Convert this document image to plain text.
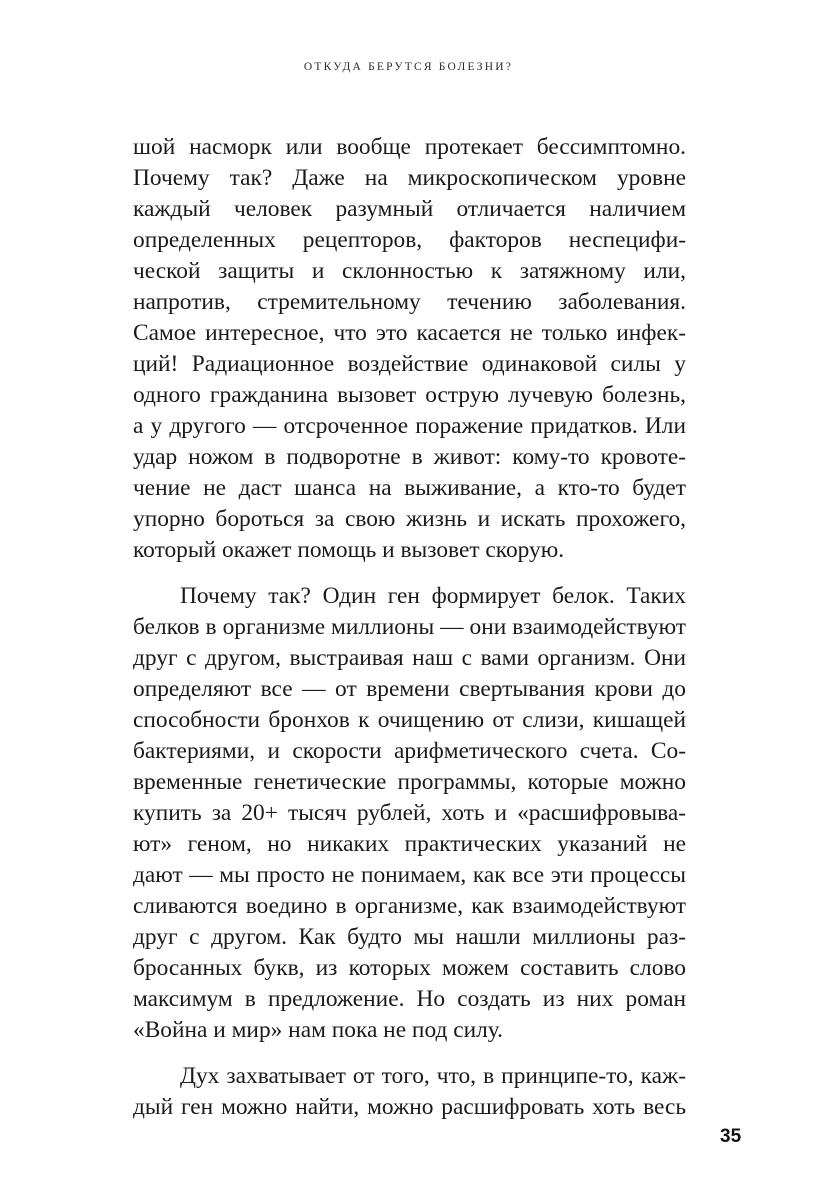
ОТКУДА БЕРУТСЯ БОЛЕЗНИ?
шой насморк или вообще протекает бессимптомно.
Почему так? Даже на микроскопическом уровне
каждый человек разумный отличается наличием
определенных рецепторов, факторов неспецифи-
ческой защиты и склонностью к затяжному или,
напротив, стремительному течению заболевания.
Самое интересное, что это касается не только инфек-
ций! Радиационное воздействие одинаковой силы у
одного гражданина вызовет острую лучевую болезнь,
а у другого — отсроченное поражение придатков. Или
удар ножом в подворотне в живот: кому-то кровоте-
чение не даст шанса на выживание, а кто-то будет
упорно бороться за свою жизнь и искать прохожего,
который окажет помощь и вызовет скорую.
Почему так? Один ген формирует белок. Таких
белков в организме миллионы — они взаимодействуют
друг с другом, выстраивая наш с вами организм. Они
определяют все — от времени свертывания крови до
способности бронхов к очищению от слизи, кишащей
бактериями, и скорости арифметического счета. Со-
временные генетические программы, которые можно
купить за 20+ тысяч рублей, хоть и «расшифровыва-
ют» геном, но никаких практических указаний не
дают — мы просто не понимаем, как все эти процессы
сливаются воедино в организме, как взаимодействуют
друг с другом. Как будто мы нашли миллионы раз-
бросанных букв, из которых можем составить слово
максимум в предложение. Но создать из них роман
«Война и мир» нам пока не под силу.
Дух захватывает от того, что, в принципе-то, каж-
дый ген можно найти, можно расшифровать хоть весь
35
